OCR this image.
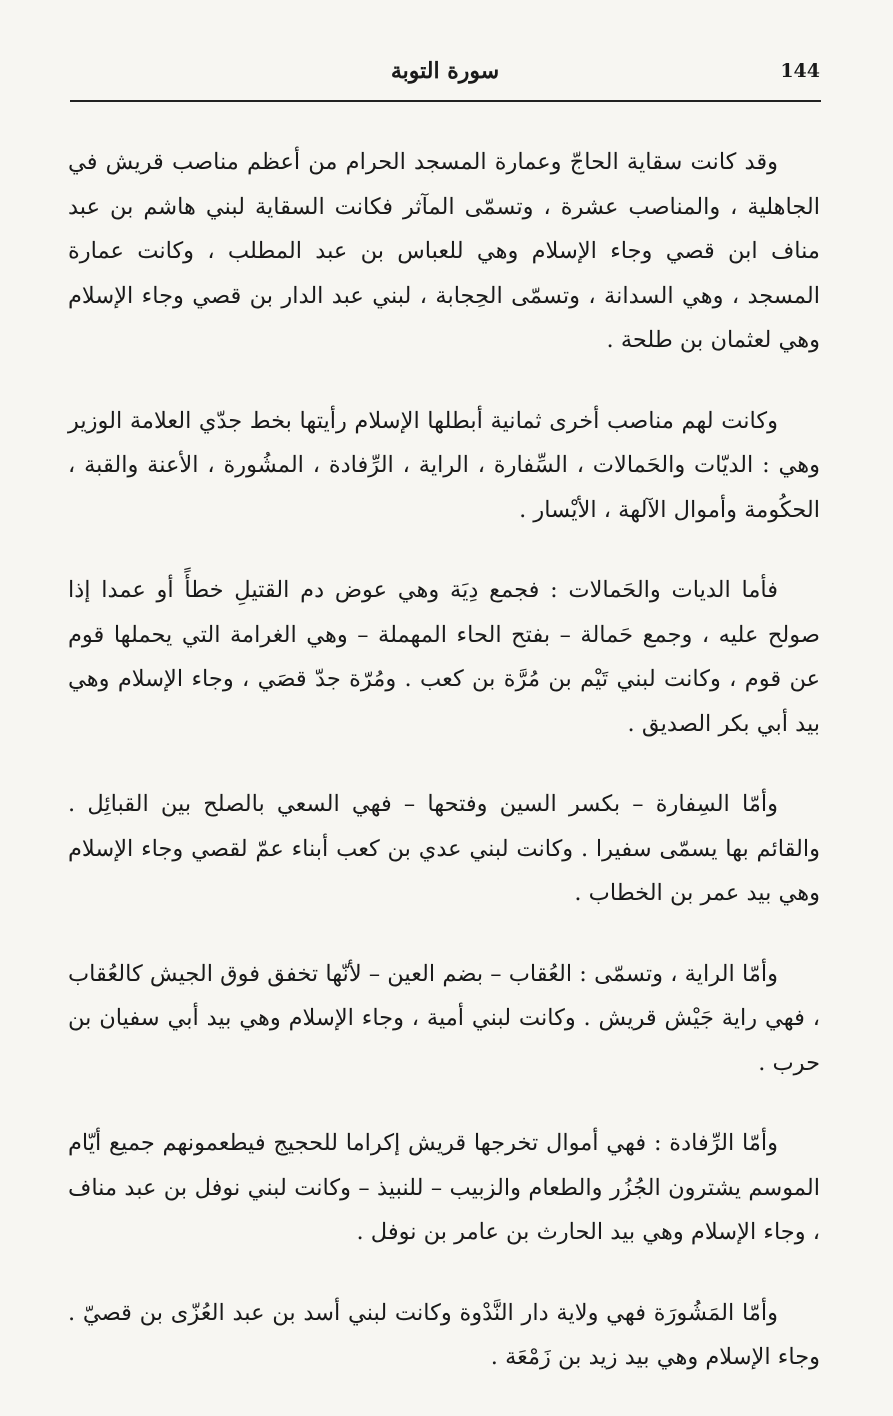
144
سورة التوبة

وقد كانت سقاية الحاجّ وعمارة المسجد الحرام من أعظم مناصب قريش في الجاهلية ، والمناصب عشرة ، وتسمّى المآثر فكانت السقاية لبني هاشم بن عبد مناف ابن قصي وجاء الإسلام وهي للعباس بن عبد المطلب ، وكانت عمارة المسجد ، وهي السدانة ، وتسمّى الحِجابة ، لبني عبد الدار بن قصي وجاء الإسلام وهي لعثمان بن طلحة .

وكانت لهم مناصب أخرى ثمانية أبطلها الإسلام رأيتها بخط جدّي العلامة الوزير وهي : الديّات والحَمالات ، السِّفارة ، الراية ، الرِّفادة ، المشُورة ، الأعنة والقبة ، الحكُومة وأموال الآلهة ، الأيْسار .

فأما الديات والحَمالات : فجمع دِيَة وهي عوض دم القتيلِ خطأً أو عمدا إذا صولح عليه ، وجمع حَمالة – بفتح الحاء المهملة – وهي الغرامة التي يحملها قوم عن قوم ، وكانت لبني تَيْم بن مُرَّة بن كعب . ومُرّة جدّ قصَي ، وجاء الإسلام وهي بيد أبي بكر الصديق .

وأمّا السِفارة – بكسر السين وفتحها – فهي السعي بالصلح بين القبائِل . والقائم بها يسمّى سفيرا . وكانت لبني عدي بن كعب أبناء عمّ لقصي وجاء الإسلام وهي بيد عمر بن الخطاب .

وأمّا الراية ، وتسمّى : العُقاب – بضم العين – لأنّها تخفق فوق الجيش كالعُقاب ، فهي راية جَيْش قريش . وكانت لبني أمية ، وجاء الإسلام وهي بيد أبي سفيان بن حرب .

وأمّا الرِّفادة : فهي أموال تخرجها قريش إكراما للحجيج فيطعمونهم جميع أيّام الموسم يشترون الجُزُر والطعام والزبيب – للنبيذ – وكانت لبني نوفل بن عبد مناف ، وجاء الإسلام وهي بيد الحارث بن عامر بن نوفل .

وأمّا المَشُورَة فهي ولاية دار النَّدْوة وكانت لبني أسد بن عبد العُزّى بن قصيّ . وجاء الإسلام وهي بيد زيد بن زَمْعَة .
